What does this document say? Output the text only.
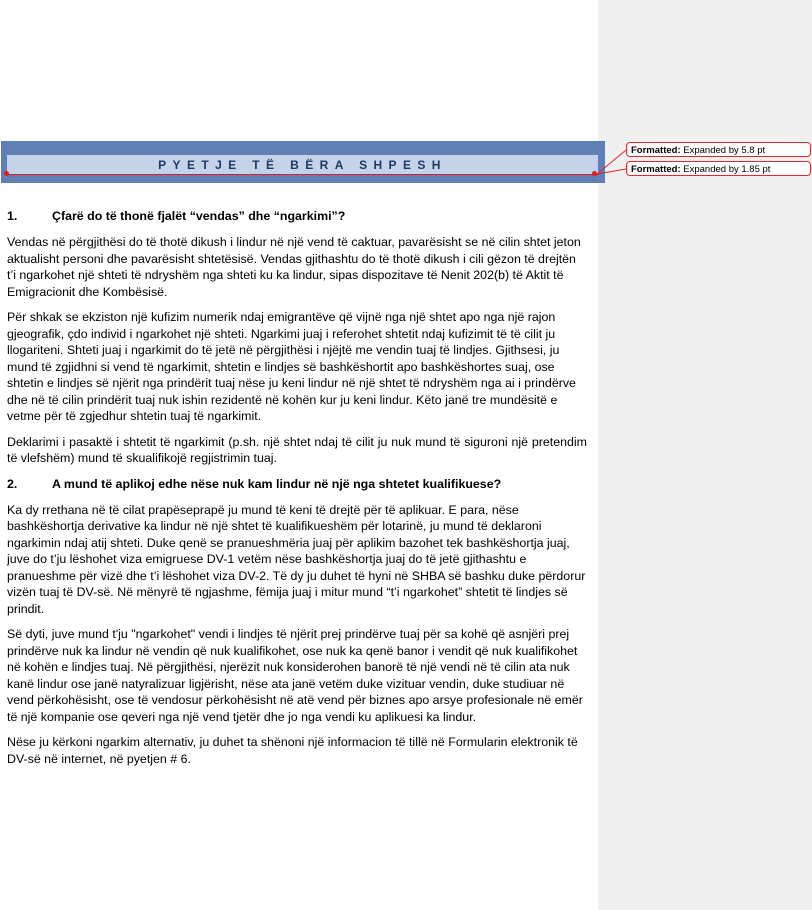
PYETJE TË BËRA SHPESH
Formatted: Expanded by 5.8 pt
Formatted: Expanded by 1.85 pt
1.	Çfarë do të thonë fjalët “vendas” dhe “ngarkimi”?

Vendas në përgjithësi do të thotë dikush i lindur në një vend të caktuar, pavarësisht se në cilin shtet jeton aktualisht personi dhe pavarësisht shtetësisë. Vendas gjithashtu do të thotë dikush i cili gëzon të drejtën t’i ngarkohet një shteti të ndryshëm nga shteti ku ka lindur, sipas dispozitave të Nenit 202(b) të Aktit të Emigracionit dhe Kombësisë.

Për shkak se ekziston një kufizim numerik ndaj emigrantëve që vijnë nga një shtet apo nga një rajon gjeografik, çdo individ i ngarkohet një shteti. Ngarkimi juaj i referohet shtetit ndaj kufizimit të të cilit ju llogariteni. Shteti juaj i ngarkimit do të jetë në përgjithësi i njëjtë me vendin tuaj të lindjes. Gjithsesi, ju mund të zgjidhni si vend të ngarkimit, shtetin e lindjes së bashkëshortit apo bashkëshortes suaj, ose shtetin e lindjes së njërit nga prindërit tuaj nëse ju keni lindur në një shtet të ndryshëm nga ai i prindërve dhe në të cilin prindërit tuaj nuk ishin rezidentë në kohën kur ju keni lindur. Këto janë tre mundësitë e vetme për të zgjedhur shtetin tuaj të ngarkimit.

Deklarimi i pasaktë i shtetit të ngarkimit (p.sh. një shtet ndaj të cilit ju nuk mund të siguroni një pretendim të vlefshëm) mund të skualifikojë regjistrimin tuaj.

2.	A mund të aplikoj edhe nëse nuk kam lindur në një nga shtetet kualifikuese?

Ka dy rrethana në të cilat prapëseprapë ju mund të keni të drejtë për të aplikuar. E para, nëse bashkëshortja derivative ka lindur në një shtet të kualifikueshëm për lotarinë, ju mund të deklaroni ngarkimin ndaj atij shteti. Duke qenë se pranueshmëria juaj për aplikim bazohet tek bashkëshortja juaj, juve do t’ju lëshohet viza emigruese DV-1 vetëm nëse bashkëshortja juaj do të jetë gjithashtu e pranueshme për vizë dhe t’i lëshohet viza DV-2. Të dy ju duhet të hyni në SHBA së bashku duke përdorur vizën tuaj të DV-së. Në mënyrë të ngjashme, fëmija juaj i mitur mund “t’i ngarkohet” shtetit të lindjes së prindit.

Së dyti, juve mund t'ju "ngarkohet" vendi i lindjes të njërit prej prindërve tuaj për sa kohë që asnjëri prej prindërve nuk ka lindur në vendin që nuk kualifikohet, ose nuk ka qenë banor i vendit që nuk kualifikohet në kohën e lindjes tuaj. Në përgjithësi, njerëzit nuk konsiderohen banorë të një vendi në të cilin ata nuk kanë lindur ose janë natyralizuar ligjërisht, nëse ata janë vetëm duke vizituar vendin, duke studiuar në vend përkohësisht, ose të vendosur përkohësisht në atë vend për biznes apo arsye profesionale në emër të një kompanie ose qeveri nga një vend tjetër dhe jo nga vendi ku aplikuesi ka lindur.

Nëse ju kërkoni ngarkim alternativ, ju duhet ta shënoni një informacion të tillë në Formularin elektronik të DV-së në internet, në pyetjen # 6.
